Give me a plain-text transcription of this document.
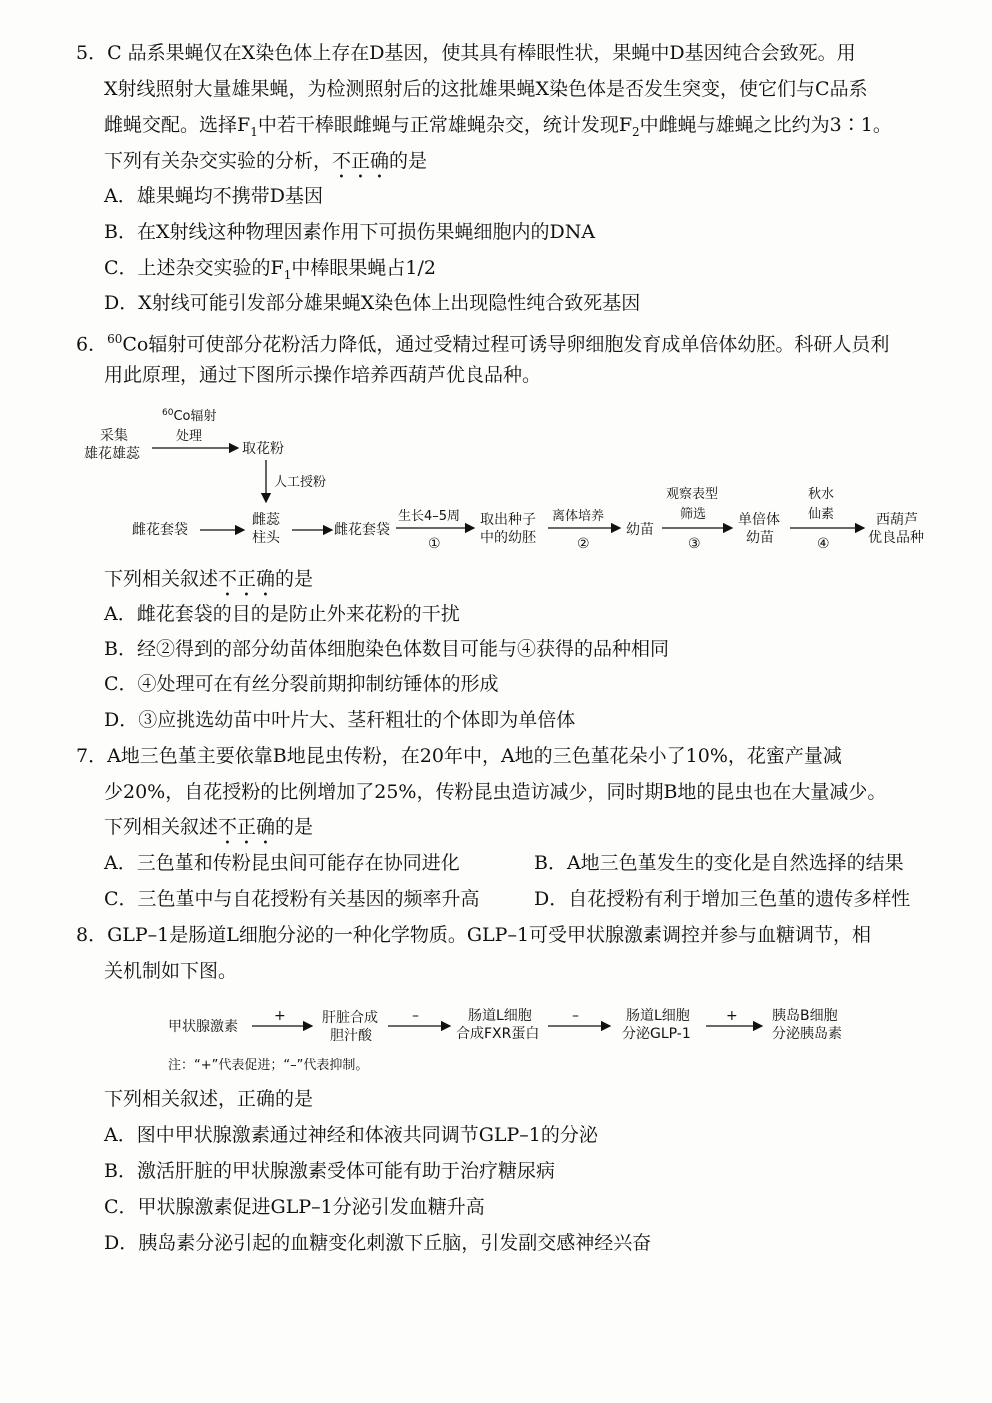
5．C 品系果蝇仅在X染色体上存在D基因，使其具有棒眼性状，果蝇中D基因纯合会致死。用
X射线照射大量雄果蝇，为检测照射后的这批雄果蝇X染色体是否发生突变，使它们与C品系
雌蝇交配。选择$F_1$中若干棒眼雌蝇与正常雄蝇杂交，统计发现$F_2$中雌蝇与雄蝇之比约为3∶1。
下列有关杂交实验的分析，不正确的是
A．雄果蝇均不携带D基因
B．在X射线这种物理因素作用下可损伤果蝇细胞内的DNA
C．上述杂交实验的$F_1$中棒眼果蝇占1/2
D．X射线可能引发部分雄果蝇X染色体上出现隐性纯合致死基因
6．$^{60}$Co辐射可使部分花粉活力降低，通过受精过程可诱导卵细胞发育成单倍体幼胚。科研人员利
用此原理，通过下图所示操作培养西葫芦优良品种。
采集
雄花雄蕊
$^{60}$Co辐射
处理
取花粉
人工授粉
雌花套袋
雌蕊
柱头	雌花套袋
生长4–5周
①
取出种子
中的幼胚
离体培养
②
幼苗
观察表型
筛选
③
单倍体
幼苗
秋水
仙素
④
西葫芦
优良品种
下列相关叙述不正确的是
A．雌花套袋的目的是防止外来花粉的干扰
B．经②得到的部分幼苗体细胞染色体数目可能与④获得的品种相同
C．④处理可在有丝分裂前期抑制纺锤体的形成
D．③应挑选幼苗中叶片大、茎秆粗壮的个体即为单倍体
7．A地三色堇主要依靠B地昆虫传粉，在20年中，A地的三色堇花朵小了10%，花蜜产量减
少20%，自花授粉的比例增加了25%，传粉昆虫造访减少，同时期B地的昆虫也在大量减少。
下列相关叙述不正确的是
A．三色堇和传粉昆虫间可能存在协同进化	B．A地三色堇发生的变化是自然选择的结果
C．三色堇中与自花授粉有关基因的频率升高	D．自花授粉有利于增加三色堇的遗传多样性
8．GLP–1是肠道L细胞分泌的一种化学物质。GLP–1可受甲状腺激素调控并参与血糖调节，相
关机制如下图。
甲状腺激素
+	肝脏合成
胆汁酸
–	肠道L细胞
合成FXR蛋白
–	肠道L细胞
分泌GLP-1
+ 胰岛B细胞
分泌胰岛素
注：“+”代表促进；“–”代表抑制。
下列相关叙述，正确的是
A．图中甲状腺激素通过神经和体液共同调节GLP–1的分泌
B．激活肝脏的甲状腺激素受体可能有助于治疗糖尿病
C．甲状腺激素促进GLP–1分泌引发血糖升高
D．胰岛素分泌引起的血糖变化刺激下丘脑，引发副交感神经兴奋
